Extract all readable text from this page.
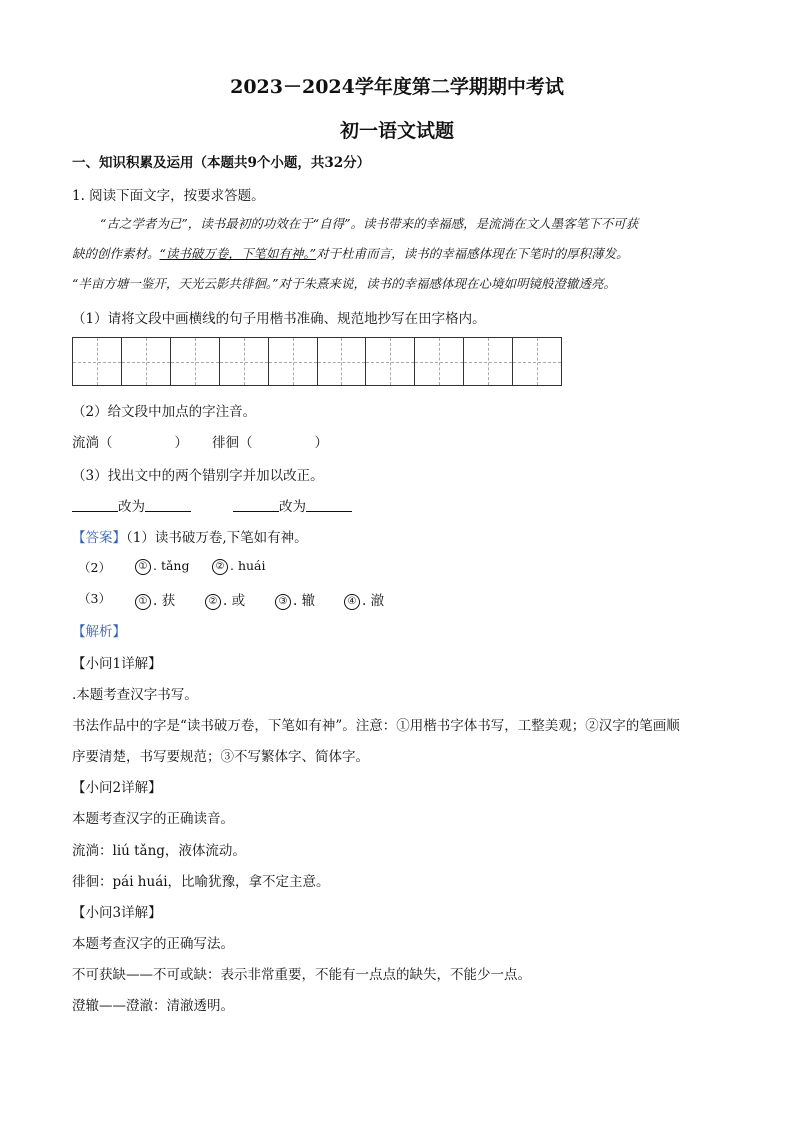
2023－2024学年度第二学期期中考试
初一语文试题
一、知识积累及运用（本题共9个小题，共32分）
1. 阅读下面文字，按要求答题。
“古之学者为已”，读书最初的功效在于“自得”。读书带来的幸福感，是流淌在文人墨客笔下不可获
缺的创作素材。“读书破万卷，下笔如有神。”对于杜甫而言，读书的幸福感体现在下笔时的厚积薄发。
“半亩方塘一鉴开，天光云影共徘徊。”对于朱熹来说，读书的幸福感体现在心境如明镜般澄辙透亮。
（1）请将文段中画横线的句子用楷书准确、规范地抄写在田字格内。
（2）给文段中加点的字注音。
流淌（	） 徘徊（	）
（3）找出文中的两个错别字并加以改正。
改为	改为
【答案】（1）读书破万卷,下笔如有神。
（2）	① . tǎng	② . huái
（3）	① . 获	② . 或	③ . 辙	④ . 澈
【解析】
【小问1详解】
.本题考查汉字书写。
书法作品中的字是“读书破万卷，下笔如有神”。注意：①用楷书字体书写，工整美观；②汉字的笔画顺
序要清楚，书写要规范；③不写繁体字、简体字。
【小问2详解】
本题考查汉字的正确读音。
流淌：liú tǎng，液体流动。
徘徊：pái huái，比喻犹豫，拿不定主意。
【小问3详解】
本题考查汉字的正确写法。
不可获缺——不可或缺：表示非常重要，不能有一点点的缺失，不能少一点。
澄辙——澄澈：清澈透明。
